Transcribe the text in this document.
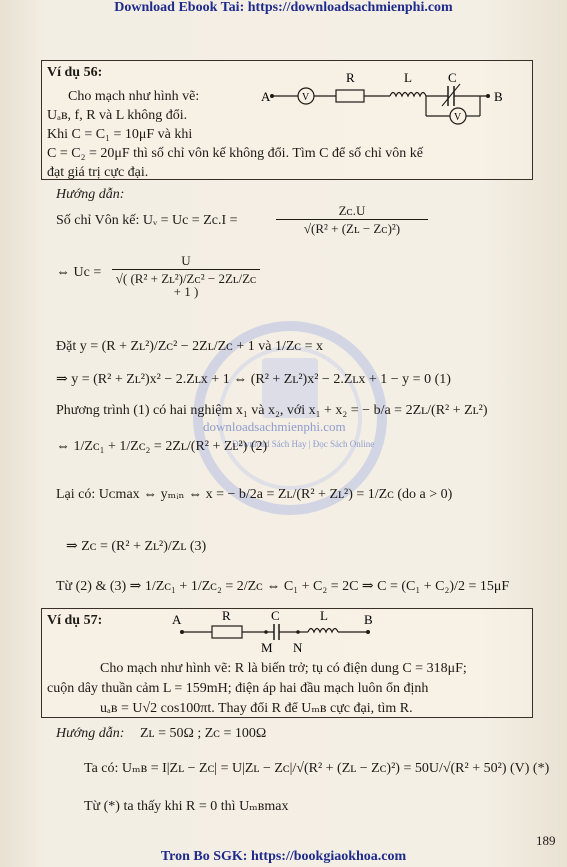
Download Ebook Tai: https://downloadsachmienphi.com
downloadsachmienphi.com
Download Sách Hay | Đọc Sách Online
Ví dụ 56:
Cho mạch như hình vẽ:
Uₐʙ, f, R và L không đổi.
Khi C = C₁ = 10μF và khi
C = C₂ = 20μF thì số chỉ vôn kế không đổi. Tìm C để số chỉ vôn kế
đạt giá trị cực đại.
A	V
R	L	C
B
V
Hướng dẫn:
Số chỉ Vôn kế: Uᵥ = Uc = Zc.I =	$\frac{\text{Zᴄ.U}}{\text{√(R² + (Zʟ − Zᴄ)²)}}$
⇔ $Uc = \frac{U}{\text{√( (R² + Zʟ²)/Zᴄ² − 2Zʟ/Zᴄ + 1 )}}$
Đặt y = (R + Zʟ²)/Zᴄ² − 2Zʟ/Zᴄ + 1 và 1/Zᴄ = x
⇒ y = (R² + Zʟ²)x² − 2.Zʟx + 1 ⇔ (R² + Zʟ²)x² − 2.Zʟx + 1 − y = 0 (1)
Phương trình (1) có hai nghiệm x₁ và x₂, với x₁ + x₂ = − b/a = 2Zʟ/(R² + Zʟ²)
⇔ 1/Zᴄ₁ + 1/Zᴄ₂ = 2Zʟ/(R² + Zʟ²) (2)
Lại có: Uᴄmax ⇔ yₘᵢₙ ⇔ x = − b/2a = Zʟ/(R² + Zʟ²) = 1/Zᴄ (do a > 0)
⇒ Zᴄ = (R² + Zʟ²)/Zʟ (3)
Từ (2) & (3) ⇒ 1/Zᴄ₁ + 1/Zᴄ₂ = 2/Zᴄ ⇔ C₁ + C₂ = 2C ⇒ C = (C₁ + C₂)/2 = 15μF
Ví dụ 57:	A	R	C	L	B
M N
Cho mạch như hình vẽ: R là biến trở; tụ có điện dung C = 318μF;
cuộn dây thuần cảm L = 159mH; điện áp hai đầu mạch luôn ổn định
uₐʙ = U√2 cos100πt. Thay đổi R để Uₘʙ cực đại, tìm R.
Hướng dẫn: Zʟ = 50Ω ; Zᴄ = 100Ω
Ta có: Uₘʙ = I|Zʟ − Zᴄ| = U|Zʟ − Zᴄ|/√(R² + (Zʟ − Zᴄ)²) = 50U/√(R² + 50²) (V) (*)
Từ (*) ta thấy khi R = 0 thì Uₘʙmax
189
Tron Bo SGK: https://bookgiaokhoa.com
